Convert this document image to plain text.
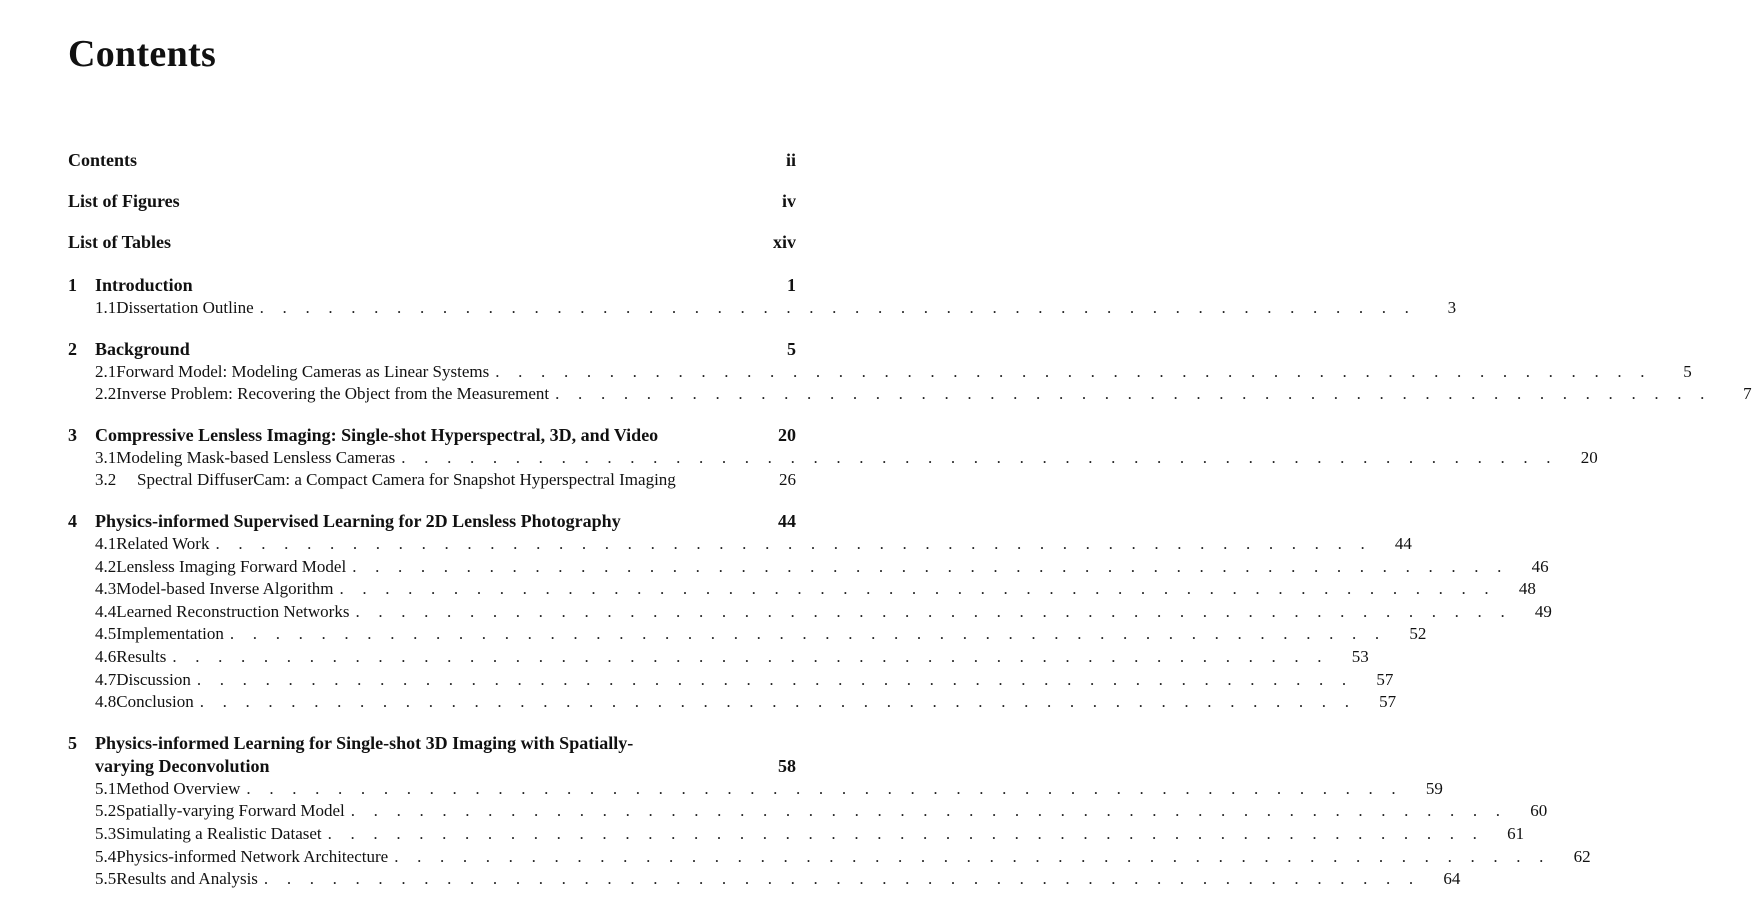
Contents
Contents	ii
List of Figures	iv
List of Tables	xiv
1	Introduction	1
1.1 Dissertation Outline . . . . . . . . . . . . . . . . . . . . . . . . . . . . . . . . . . . . . . . . . . . . . . . . . . .	3
2	Background	5
2.1 Forward Model: Modeling Cameras as Linear Systems . . . . . . . . . . . . . . . . . . . . . . . . . . . . . . . . . . . . . . . . . . . . . . . . . . .	5
2.2 Inverse Problem: Recovering the Object from the Measurement . . . . . . . . . . . . . . . . . . . . . . . . . . . . . . . . . . . . . . . . . . . . . . . . . . .	7
3	Compressive Lensless Imaging: Single-shot Hyperspectral, 3D, and Video	20
3.1 Modeling Mask-based Lensless Cameras . . . . . . . . . . . . . . . . . . . . . . . . . . . . . . . . . . . . . . . . . . . . . . . . . . .	20
3.2	Spectral DiffuserCam: a Compact Camera for Snapshot Hyperspectral Imaging	26
4	Physics-informed Supervised Learning for 2D Lensless Photography	44
4.1 Related Work . . . . . . . . . . . . . . . . . . . . . . . . . . . . . . . . . . . . . . . . . . . . . . . . . . .	44
4.2 Lensless Imaging Forward Model . . . . . . . . . . . . . . . . . . . . . . . . . . . . . . . . . . . . . . . . . . . . . . . . . . .	46
4.3 Model-based Inverse Algorithm . . . . . . . . . . . . . . . . . . . . . . . . . . . . . . . . . . . . . . . . . . . . . . . . . . .	48
4.4 Learned Reconstruction Networks . . . . . . . . . . . . . . . . . . . . . . . . . . . . . . . . . . . . . . . . . . . . . . . . . . .	49
4.5 Implementation . . . . . . . . . . . . . . . . . . . . . . . . . . . . . . . . . . . . . . . . . . . . . . . . . . .	52
4.6 Results . . . . . . . . . . . . . . . . . . . . . . . . . . . . . . . . . . . . . . . . . . . . . . . . . . .	53
4.7 Discussion . . . . . . . . . . . . . . . . . . . . . . . . . . . . . . . . . . . . . . . . . . . . . . . . . . .	57
4.8 Conclusion . . . . . . . . . . . . . . . . . . . . . . . . . . . . . . . . . . . . . . . . . . . . . . . . . . .	57
5	Physics-informed Learning for Single-shot 3D Imaging with Spatially-
varying Deconvolution	58
5.1 Method Overview . . . . . . . . . . . . . . . . . . . . . . . . . . . . . . . . . . . . . . . . . . . . . . . . . . .	59
5.2 Spatially-varying Forward Model . . . . . . . . . . . . . . . . . . . . . . . . . . . . . . . . . . . . . . . . . . . . . . . . . . .	60
5.3 Simulating a Realistic Dataset . . . . . . . . . . . . . . . . . . . . . . . . . . . . . . . . . . . . . . . . . . . . . . . . . . .	61
5.4 Physics-informed Network Architecture . . . . . . . . . . . . . . . . . . . . . . . . . . . . . . . . . . . . . . . . . . . . . . . . . . .	62
5.5 Results and Analysis . . . . . . . . . . . . . . . . . . . . . . . . . . . . . . . . . . . . . . . . . . . . . . . . . . .	64
